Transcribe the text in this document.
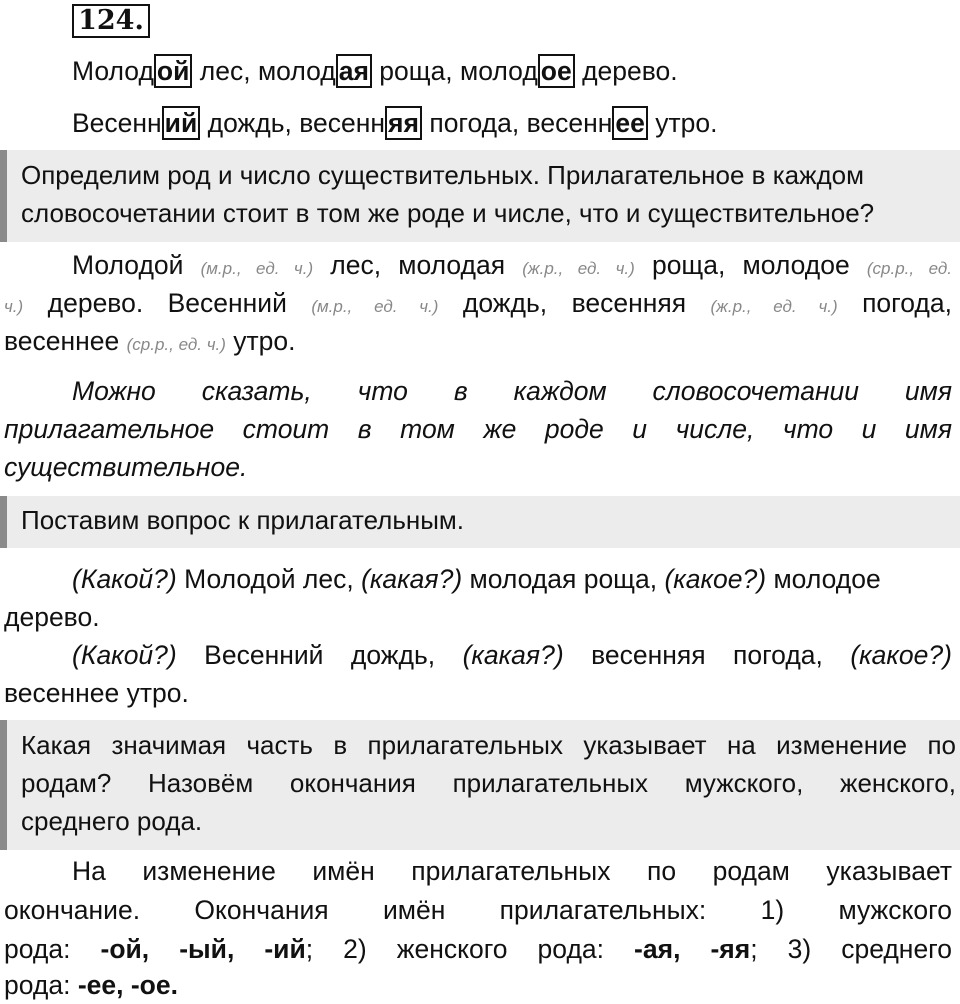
124.
Молод ой лес, молод ая роща, молод ое дерево.
Весенн ий дождь, весенн яя погода, весенн ее утро.
Определим род и число существительных. Прилагательное в каждом
словосочетании стоит в том же роде и числе, что и существительное?
Молодой (м.р., ед. ч.) лес, молодая (ж.р., ед. ч.) роща, молодое (ср.р., ед.
ч.) дерево. Весенний (м.р., ед. ч.) дождь, весенняя (ж.р., ед. ч.) погода,
весеннее (ср.р., ед. ч.) утро.
Можно сказать, что в каждом словосочетании имя
прилагательное стоит в том же роде и числе, что и имя
существительное.
Поставим вопрос к прилагательным.
(Какой?) Молодой лес, (какая?) молодая роща, (какое?) молодое
дерево.
(Какой?) Весенний дождь, (какая?) весенняя погода, (какое?)
весеннее утро.
Какая значимая часть в прилагательных указывает на изменение по
родам? Назовём окончания прилагательных мужского, женского,
среднего рода.
На изменение имён прилагательных по родам указывает
окончание. Окончания имён прилагательных: 1) мужского
рода: -ой, -ый, -ий; 2) женского рода: -ая, -яя; 3) среднего
рода: -ее, -ое.
